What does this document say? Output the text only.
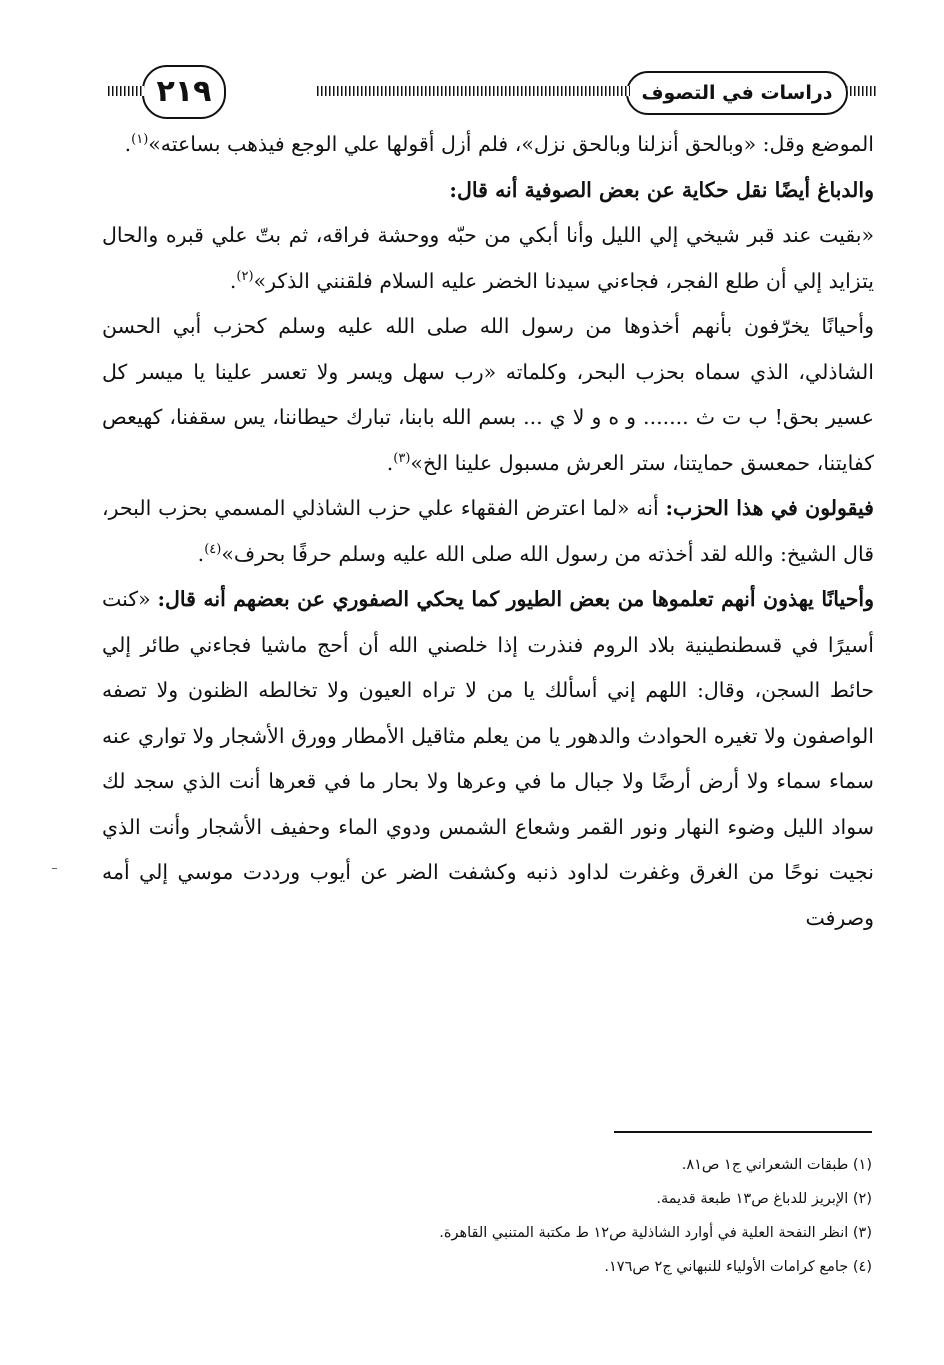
دراسات في التصوف
٢١٩

الموضع وقل: «وبالحق أنزلنا وبالحق نزل»، فلم أزل أقولها علي الوجع فيذهب بساعته»$^{(١)}$.

والدباغ أيضًا نقل حكاية عن بعض الصوفية أنه قال:

«بقيت عند قبر شيخي إلي الليل وأنا أبكي من حبّه ووحشة فراقه، ثم بتّ علي قبره والحال يتزايد إلي أن طلع الفجر، فجاءني سيدنا الخضر عليه السلام فلقنني الذكر»$^{(٢)}$.

وأحيانًا يخرّفون بأنهم أخذوها من رسول الله صلى الله عليه وسلم كحزب أبي الحسن الشاذلي، الذي سماه بحزب البحر، وكلماته «رب سهل ويسر ولا تعسر علينا يا ميسر كل عسير بحق! ب ت ث ....... و ه و لا ي ... بسم الله بابنا، تبارك حيطاننا، يس سقفنا، كهيعص كفايتنا، حمعسق حمايتنا، ستر العرش مسبول علينا الخ»$^{(٣)}$.

فيقولون في هذا الحزب: أنه «لما اعترض الفقهاء علي حزب الشاذلي المسمي بحزب البحر، قال الشيخ: والله لقد أخذته من رسول الله صلى الله عليه وسلم حرفًا بحرف»$^{(٤)}$.

وأحيانًا يهذون أنهم تعلموها من بعض الطيور كما يحكي الصفوري عن بعضهم أنه قال: «كنت أسيرًا في قسطنطينية بلاد الروم فنذرت إذا خلصني الله أن أحج ماشيا فجاءني طائر إلي حائط السجن، وقال: اللهم إني أسألك يا من لا تراه العيون ولا تخالطه الظنون ولا تصفه الواصفون ولا تغيره الحوادث والدهور يا من يعلم مثاقيل الأمطار وورق الأشجار ولا تواري عنه سماء سماء ولا أرض أرضًا ولا جبال ما في وعرها ولا بحار ما في قعرها أنت الذي سجد لك سواد الليل وضوء النهار ونور القمر وشعاع الشمس ودوي الماء وحفيف الأشجار وأنت الذي نجيت نوحًا من الغرق وغفرت لداود ذنبه وكشفت الضر عن أيوب ورددت موسي إلي أمه وصرفت

(١) طبقات الشعراني ج١ ص٨١.
(٢) الإبريز للدباغ ص١٣ طبعة قديمة.
(٣) انظر النفحة العلية في أوارد الشاذلية ص١٢ ط مكتبة المتنبي القاهرة.
(٤) جامع كرامات الأولياء للنبهاني ج٢ ص١٧٦.
